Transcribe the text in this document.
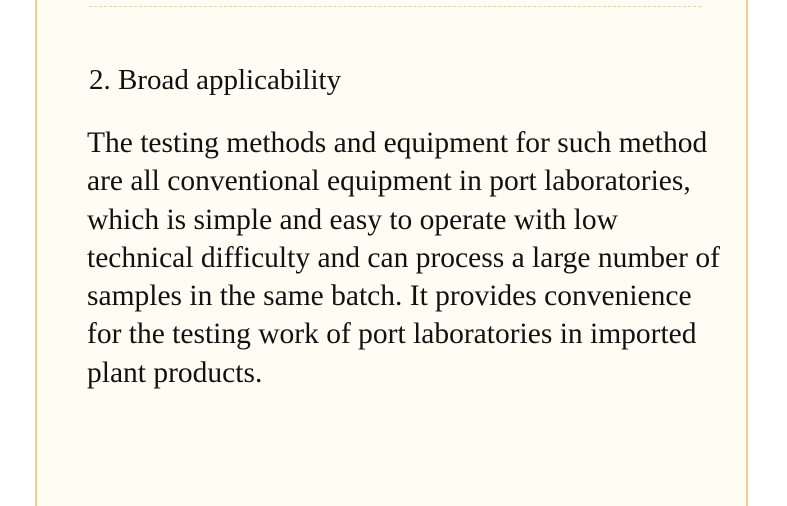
2. Broad applicability

The testing methods and equipment for such method are all conventional equipment in port laboratories, which is simple and easy to operate with low technical difficulty and can process a large number of samples in the same batch. It provides convenience for the testing work of port laboratories in imported plant products.
